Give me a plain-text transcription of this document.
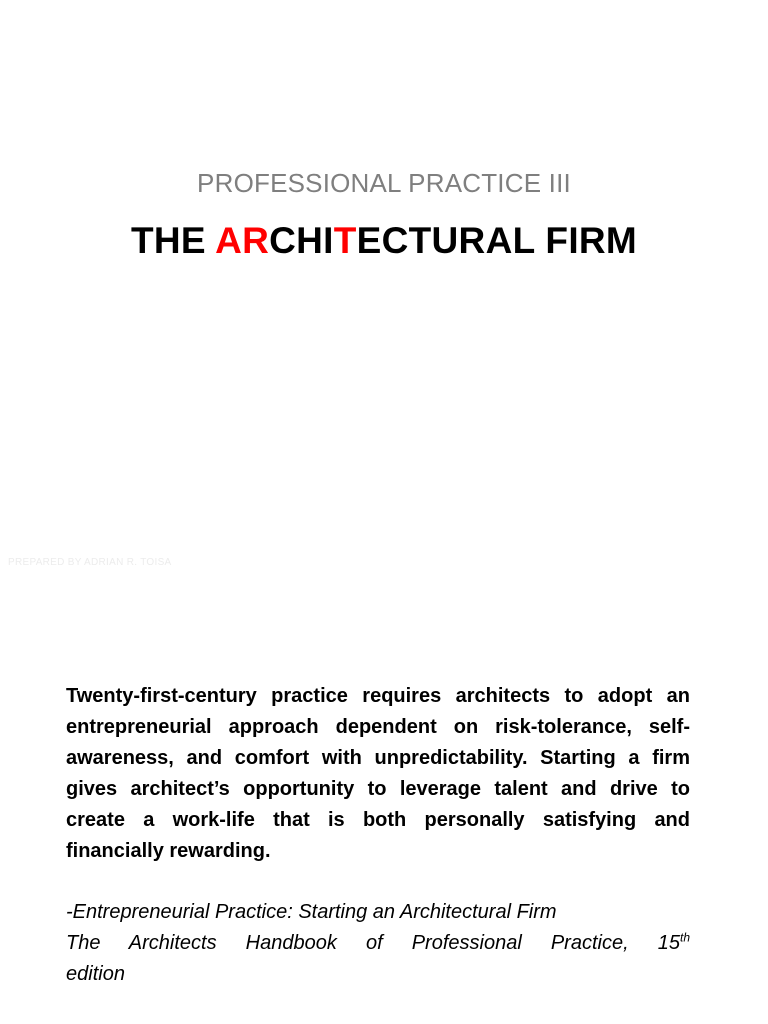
PROFESSIONAL PRACTICE III
THE ARCHITECTURAL FIRM
PREPARED BY ADRIAN R. TOISA
Twenty-first-century practice requires architects to adopt an entrepreneurial approach dependent on risk-tolerance, self-awareness, and comfort with unpredictability. Starting a firm gives architect’s opportunity to leverage talent and drive to create a work-life that is both personally satisfying and financially rewarding.
-Entrepreneurial Practice: Starting an Architectural Firm
The Architects Handbook of Professional Practice, 15th
edition
